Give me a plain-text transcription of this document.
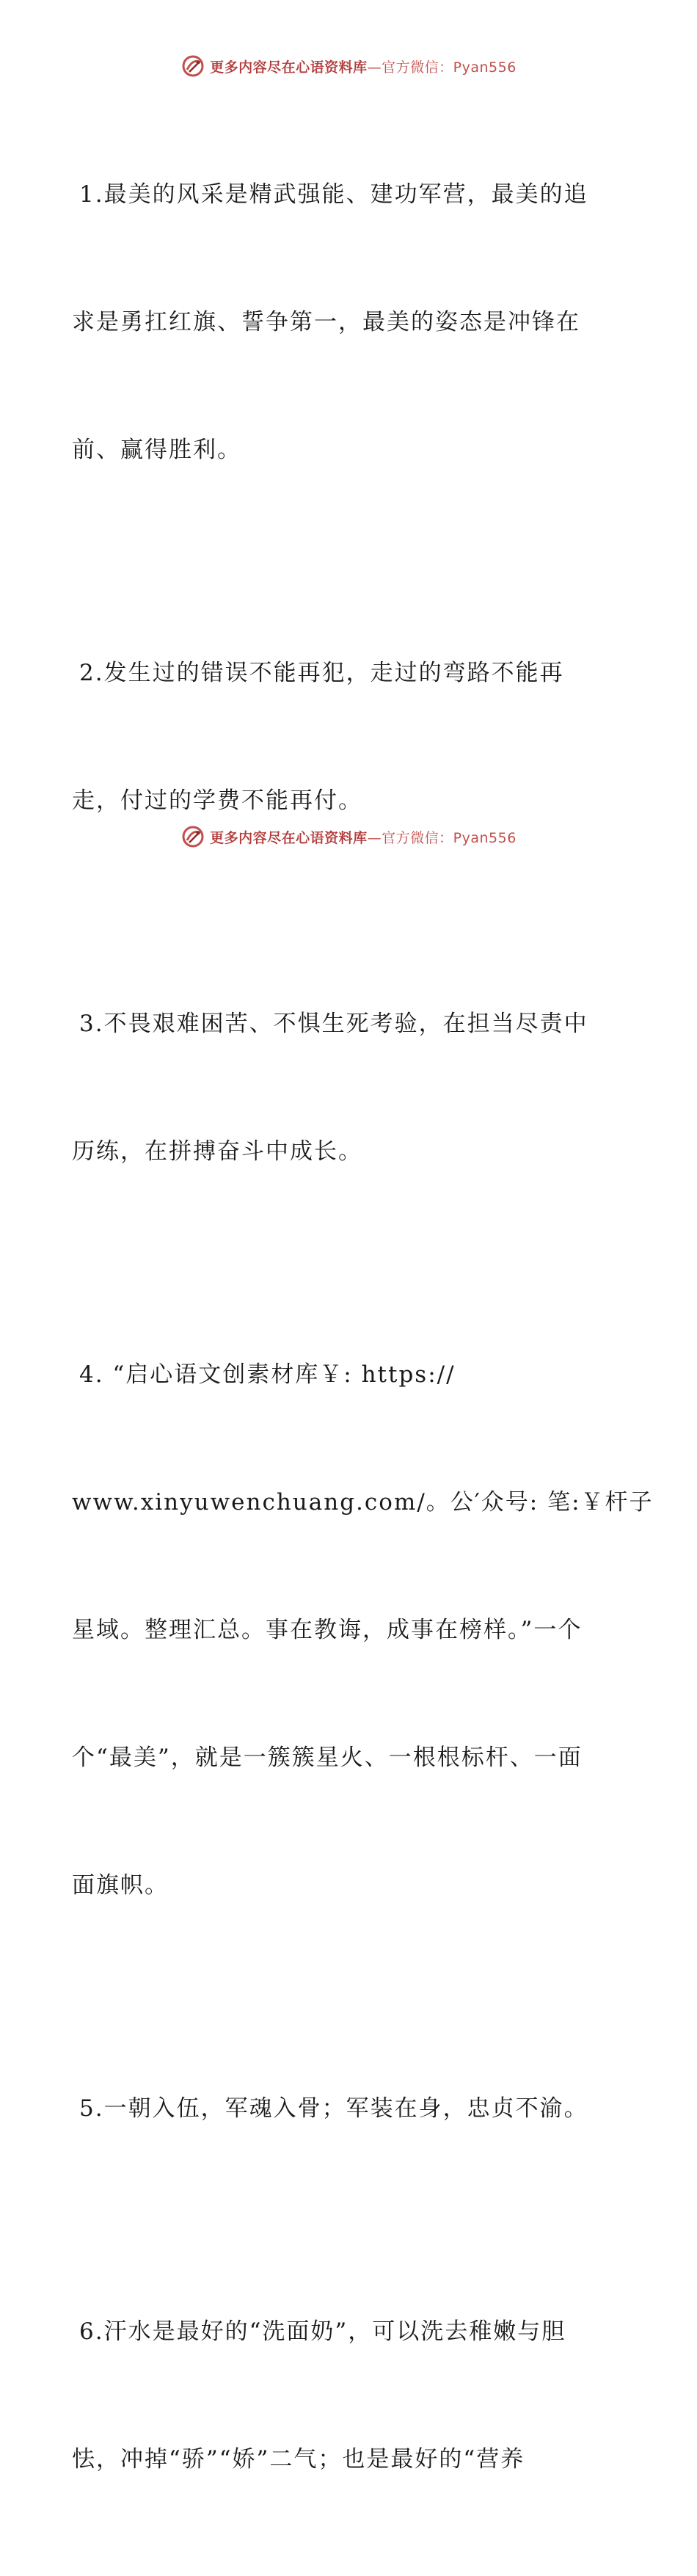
更多内容尽在心语资料库—官方微信：Pyan556

1.最美的风采是精武强能、建功军营，最美的追

求是勇扛红旗、誓争第一，最美的姿态是冲锋在

前、赢得胜利。

2.发生过的错误不能再犯，走过的弯路不能再

走，付过的学费不能再付。

3.不畏艰难困苦、不惧生死考验，在担当尽责中

历练，在拼搏奋斗中成长。

4. “启心语文创素材库￥: https://

www.xinyuwenchuang.com/。公′众号: 笔:￥杆子

星域。整理汇总。事在教诲，成事在榜样。”一个

个“最美”，就是一簇簇星火、一根根标杆、一面

面旗帜。

5.一朝入伍，军魂入骨；军装在身，忠贞不渝。

6.汗水是最好的“洗面奶”，可以洗去稚嫩与胆

怯，冲掉“骄”“娇”二气；也是最好的“营养

更多内容尽在心语资料库—官方微信：Pyan556
